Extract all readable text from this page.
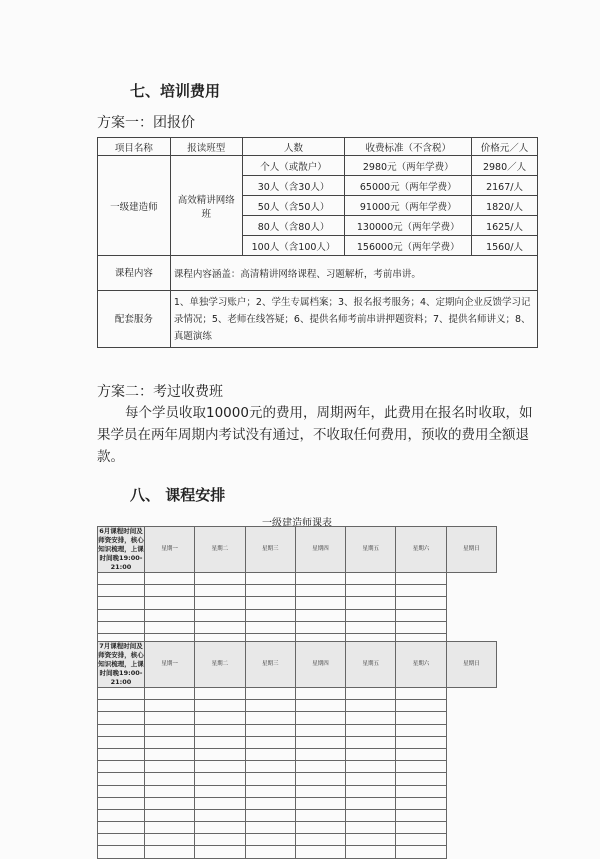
七、培训费用
方案一：团报价
项目名称	报读班型	人数	收费标准（不含税）	价格元／人
一级建造师	高效精讲网络班	个人（或散户）	2980元（两年学费）	2980／人
		30人（含30人）	65000元（两年学费）	2167/人
		50人（含50人）	91000元（两年学费）	1820/人
		80人（含80人）	130000元（两年学费）	1625/人
		100人（含100人）	156000元（两年学费）	1560/人
课程内容	课程内容涵盖：高清精讲网络课程、习题解析，考前串讲。			
配套服务	1、单独学习账户；2、学生专属档案；3、报名报考服务；4、定期向企业反馈学习记录情况；5、老师在线答疑；6、提供名师考前串讲押题资料；7、提供名师讲义；8、真题演练			
方案二：考过收费班
每个学员收取10000元的费用，周期两年，此费用在报名时收取，如果学员在两年周期内考试没有通过，不收取任何费用，预收的费用全额退款。
八、 课程安排
一级建造师课表
6月课程时间及师资安排，核心知识梳理，上课时间晚19:00-21:00	星期一	星期二	星期三	星期四	星期五	星期六	星期日

7月课程时间及师资安排，核心知识梳理，上课时间晚19:00-21:00	星期一	星期二	星期三	星期四	星期五	星期六	星期日
